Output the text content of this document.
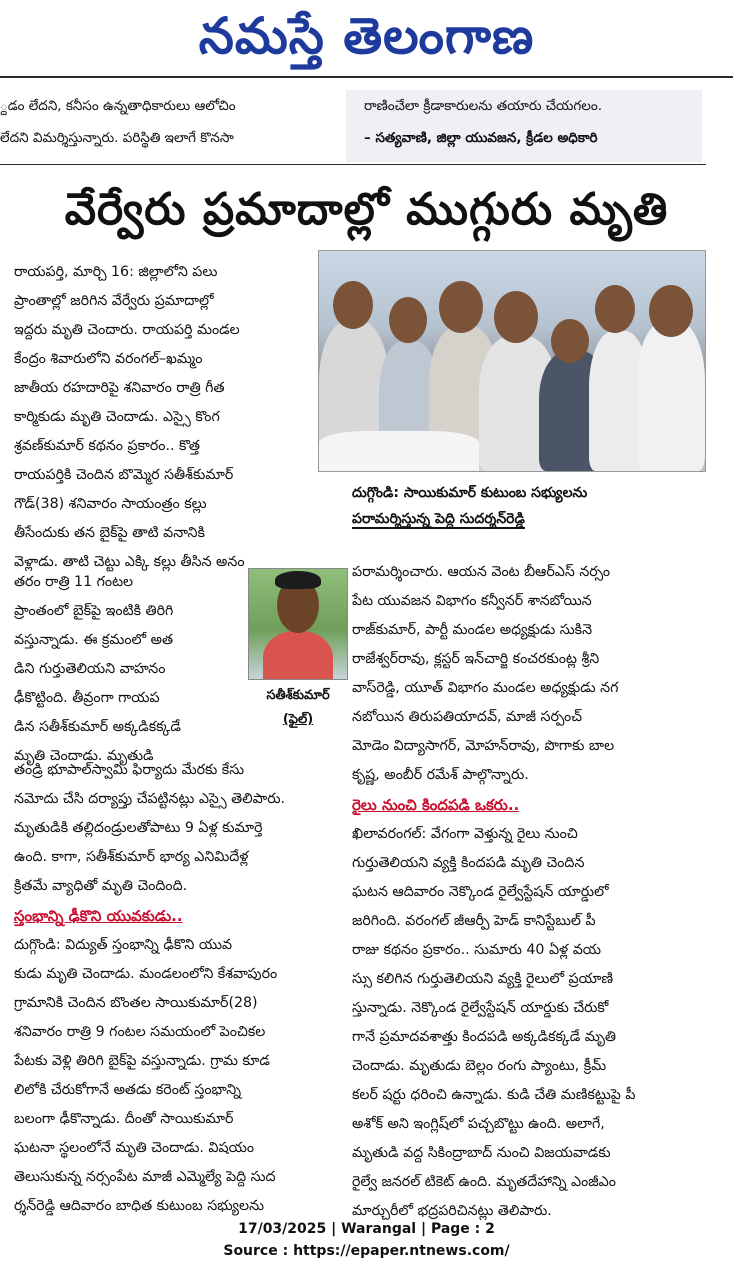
నమస్తే తెలంగాణ

్దడం లేదని, కనీసం ఉన్నతాధికారులు ఆలోచిం

లేదని విమర్శిస్తున్నారు. పరిస్థితి ఇలాగే కొనసా

రాణించేలా క్రీడాకారులను తయారు చేయగలం.

– సత్యవాణి, జిల్లా యువజన, క్రీడల అధికారి

వేర్వేరు ప్రమాదాల్లో ముగ్గురు మృతి

రాయపర్తి, మార్చి 16: జిల్లాలోని పలు

ప్రాంతాల్లో జరిగిన వేర్వేరు ప్రమాదాల్లో

ఇద్దరు మృతి చెందారు. రాయపర్తి మండల

కేంద్రం శివారులోని వరంగల్–ఖమ్మం

జాతీయ రహదారిపై శనివారం రాత్రి గీత

కార్మికుడు మృతి చెందాడు. ఎస్సై కొంగ

శ్రవణ్‌కుమార్ కథనం ప్రకారం.. కొత్త

రాయపర్తికి చెందిన బొమ్మెర సతీశ్‌కుమార్

గౌడ్(38) శనివారం సాయంత్రం కల్లు

తీసేందుకు తన బైక్‌పై తాటి వనానికి

వెళ్లాడు. తాటి చెట్టు ఎక్కి కల్లు తీసిన అనం

తరం రాత్రి 11 గంటల

ప్రాంతంలో బైక్‌పై ఇంటికి తిరిగి

వస్తున్నాడు. ఈ క్రమంలో అత

డిని గుర్తుతెలియని వాహనం

ఢీకొట్టింది. తీవ్రంగా గాయప

డిన సతీశ్‌కుమార్ అక్కడికక్కడే

మృతి చెందాడు. మృతుడి

తండ్రి భూపాల్‌స్వామి ఫిర్యాదు మేరకు కేసు

నమోదు చేసి దర్యాప్తు చేపట్టినట్లు ఎస్సై తెలిపారు.

మృతుడికి తల్లిదండ్రులతోపాటు 9 ఏళ్ల కుమార్తె

ఉంది. కాగా, సతీశ్‌కుమార్ భార్య ఎనిమిదేళ్ల

క్రితమే వ్యాధితో మృతి చెందింది.

స్తంభాన్ని ఢీకొని యువకుడు..

దుగ్గొండి: విద్యుత్ స్తంభాన్ని ఢీకొని యువ

కుడు మృతి చెందాడు. మండలంలోని కేశవాపురం

గ్రామానికి చెందిన బొంతల సాయికుమార్(28)

శనివారం రాత్రి 9 గంటల సమయంలో పెంచికల

పేటకు వెళ్లి తిరిగి బైక్‌పై వస్తున్నాడు. గ్రామ కూడ

లిలోకి చేరుకోగానే అతడు కరెంట్ స్తంభాన్ని

బలంగా ఢీకొన్నాడు. దీంతో సాయికుమార్

ఘటనా స్థలంలోనే మృతి చెందాడు. విషయం

తెలుసుకున్న నర్సంపేట మాజీ ఎమ్మెల్యే పెద్ది సుద

ర్శన్‌రెడ్డి ఆదివారం బాధిత కుటుంబ సభ్యులను

దుగ్గొండి: సాయికుమార్ కుటుంబ సభ్యులను

పరామర్శిస్తున్న పెద్ది సుదర్శన్‌రెడ్డి

సతీశ్‌కుమార్

(ఫైల్)

పరామర్శించారు. ఆయన వెంట బీఆర్‌ఎస్ నర్సం

పేట యువజన విభాగం కన్వీనర్ శానబోయిన

రాజ్‌కుమార్, పార్టీ మండల అధ్యక్షుడు సుకినె

రాజేశ్వర్‌రావు, క్లస్టర్ ఇన్‌చార్జి కంచరకుంట్ల శ్రీని

వాస్‌రెడ్డి, యూత్ విభాగం మండల అధ్యక్షుడు నగ

నబోయిన తిరుపతియాదవ్, మాజీ సర్పంచ్

మోడెం విద్యాసాగర్, మోహన్‌రావు, పొగాకు బాల

కృష్ణ, అంబీర్ రమేశ్ పాల్గొన్నారు.

రైలు నుంచి కిందపడి ఒకరు..

ఖిలావరంగల్: వేగంగా వెళ్తున్న రైలు నుంచి

గుర్తుతెలియని వ్యక్తి కిందపడి మృతి చెందిన

ఘటన ఆదివారం నెక్కొండ రైల్వేస్టేషన్ యార్డులో

జరిగింది. వరంగల్ జీఆర్పీ హెడ్ కానిస్టేబుల్ పీ

రాజు కథనం ప్రకారం.. సుమారు 40 ఏళ్ల వయ

స్సు కలిగిన గుర్తుతెలియని వ్యక్తి రైలులో ప్రయాణి

స్తున్నాడు. నెక్కొండ రైల్వేస్టేషన్ యార్డుకు చేరుకో

గానే ప్రమాదవశాత్తు కిందపడి అక్కడికక్కడే మృతి

చెందాడు. మృతుడు బెల్లం రంగు ప్యాంటు, క్రీమ్

కలర్ షర్టు ధరించి ఉన్నాడు. కుడి చేతి మణికట్టుపై పీ

అశోక్ అని ఇంగ్లిష్‌లో పచ్చబొట్టు ఉంది. అలాగే,

మృతుడి వద్ద సికింద్రాబాద్ నుంచి విజయవాడకు

రైల్వే జనరల్ టికెట్ ఉంది. మృతదేహాన్ని ఎంజీఎం

మార్చురీలో భద్రపరిచినట్లు తెలిపారు.

17/03/2025 | Warangal | Page : 2

Source : https://epaper.ntnews.com/
